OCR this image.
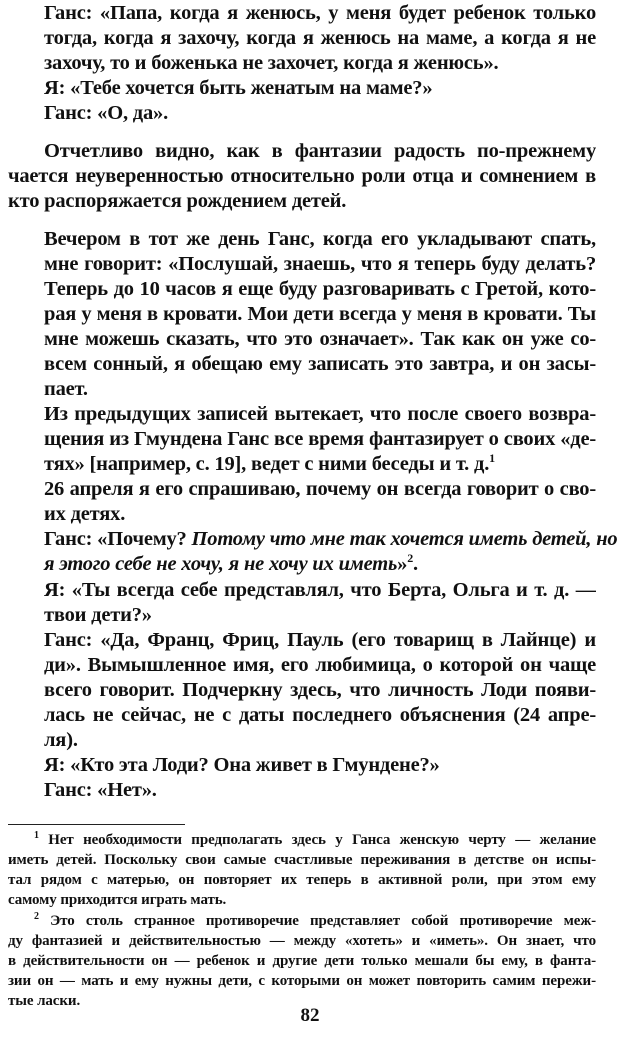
Ганс: «Папа, когда я женюсь, у меня будет ребенок только
тогда, когда я захочу, когда я женюсь на маме, а когда я не
захочу, то и боженька не захочет, когда я женюсь».
Я: «Тебе хочется быть женатым на маме?»
Ганс: «О, да».
Отчетливо видно, как в фантазии радость по-прежнему
чается неуверенностью относительно роли отца и сомнением в
кто распоряжается рождением детей.
Вечером в тот же день Ганс, когда его укладывают спать,
мне говорит: «Послушай, знаешь, что я теперь буду делать?
Теперь до 10 часов я еще буду разговаривать с Гретой, кото-
рая у меня в кровати. Мои дети всегда у меня в кровати. Ты
мне можешь сказать, что это означает». Так как он уже со-
всем сонный, я обещаю ему записать это завтра, и он засы-
пает.
Из предыдущих записей вытекает, что после своего возвра-
щения из Гмундена Ганс все время фантазирует о своих «де-
тях» [например, с. 19], ведет с ними беседы и т. д.$^1$
26 апреля я его спрашиваю, почему он всегда говорит о сво-
их детях.
Ганс: «Почему? Потому что мне так хочется иметь детей, но
я этого себе не хочу, я не хочу их иметь»$^2$.
Я: «Ты всегда себе представлял, что Берта, Ольга и т. д. —
твои дети?»
Ганс: «Да, Франц, Фриц, Пауль (его товарищ в Лайнце) и
ди». Вымышленное имя, его любимица, о которой он чаще
всего говорит. Подчеркну здесь, что личность Лоди появи-
лась не сейчас, не с даты последнего объяснения (24 апре-
ля).
Я: «Кто эта Лоди? Она живет в Гмундене?»
Ганс: «Нет».
$^1$ Нет необходимости предполагать здесь у Ганса женскую черту — желание
иметь детей. Поскольку свои самые счастливые переживания в детстве он испы-
тал рядом с матерью, он повторяет их теперь в активной роли, при этом ему
самому приходится играть мать.
$^2$ Это столь странное противоречие представляет собой противоречие меж-
ду фантазией и действительностью — между «хотеть» и «иметь». Он знает, что
в действительности он — ребенок и другие дети только мешали бы ему, в фанта-
зии он — мать и ему нужны дети, с которыми он может повторить самим пережи-
тые ласки.
82
